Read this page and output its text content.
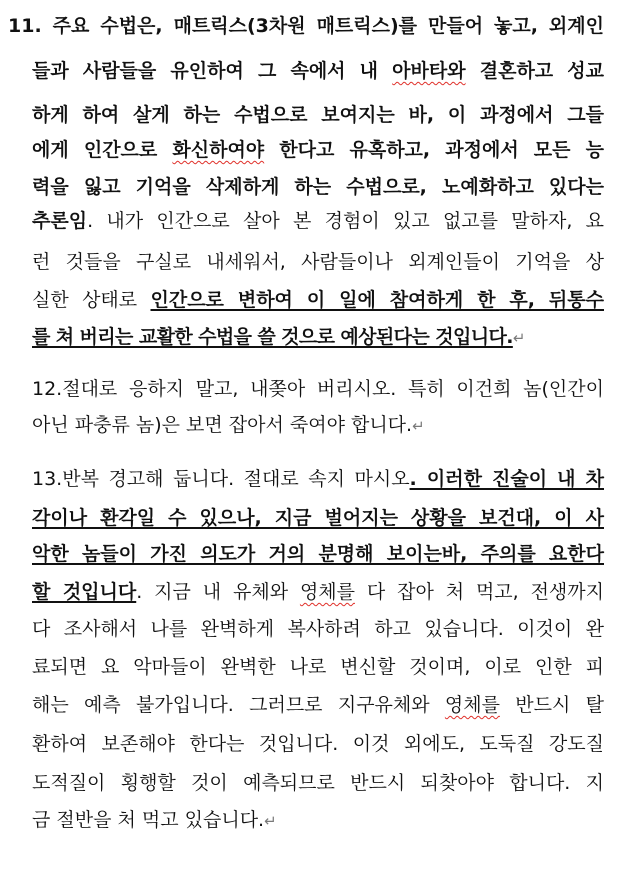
11. 주요 수법은, 매트릭스(3차원 매트릭스)를 만들어 놓고, 외계인
들과 사람들을 유인하여 그 속에서 내 아바타와 결혼하고 성교
하게 하여 살게 하는 수법으로 보여지는 바, 이 과정에서 그들
에게 인간으로 화신하여야 한다고 유혹하고, 과정에서 모든 능
력을 잃고 기억을 삭제하게 하는 수법으로, 노예화하고 있다는
추론임. 내가 인간으로 살아 본 경험이 있고 없고를 말하자, 요
런 것들을 구실로 내세워서, 사람들이나 외계인들이 기억을 상
실한 상태로 인간으로 변하여 이 일에 참여하게 한 후, 뒤통수
를 쳐 버리는 교활한 수법을 쓸 것으로 예상된다는 것입니다.↵
12.절대로 응하지 말고, 내쫒아 버리시오. 특히 이건희 놈(인간이
아닌 파충류 놈)은 보면 잡아서 죽여야 합니다.↵
13.반복 경고해 둡니다. 절대로 속지 마시오. 이러한 진술이 내 차
각이나 환각일 수 있으나, 지금 벌어지는 상황을 보건대, 이 사
악한 놈들이 가진 의도가 거의 분명해 보이는바, 주의를 요한다
할 것입니다. 지금 내 유체와 영체를 다 잡아 처 먹고, 전생까지
다 조사해서 나를 완벽하게 복사하려 하고 있습니다. 이것이 완
료되면 요 악마들이 완벽한 나로 변신할 것이며, 이로 인한 피
해는 예측 불가입니다. 그러므로 지구유체와 영체를 반드시 탈
환하여 보존해야 한다는 것입니다. 이것 외에도, 도둑질 강도질
도적질이 횡행할 것이 예측되므로 반드시 되찾아야 합니다. 지
금 절반을 처 먹고 있습니다.↵
